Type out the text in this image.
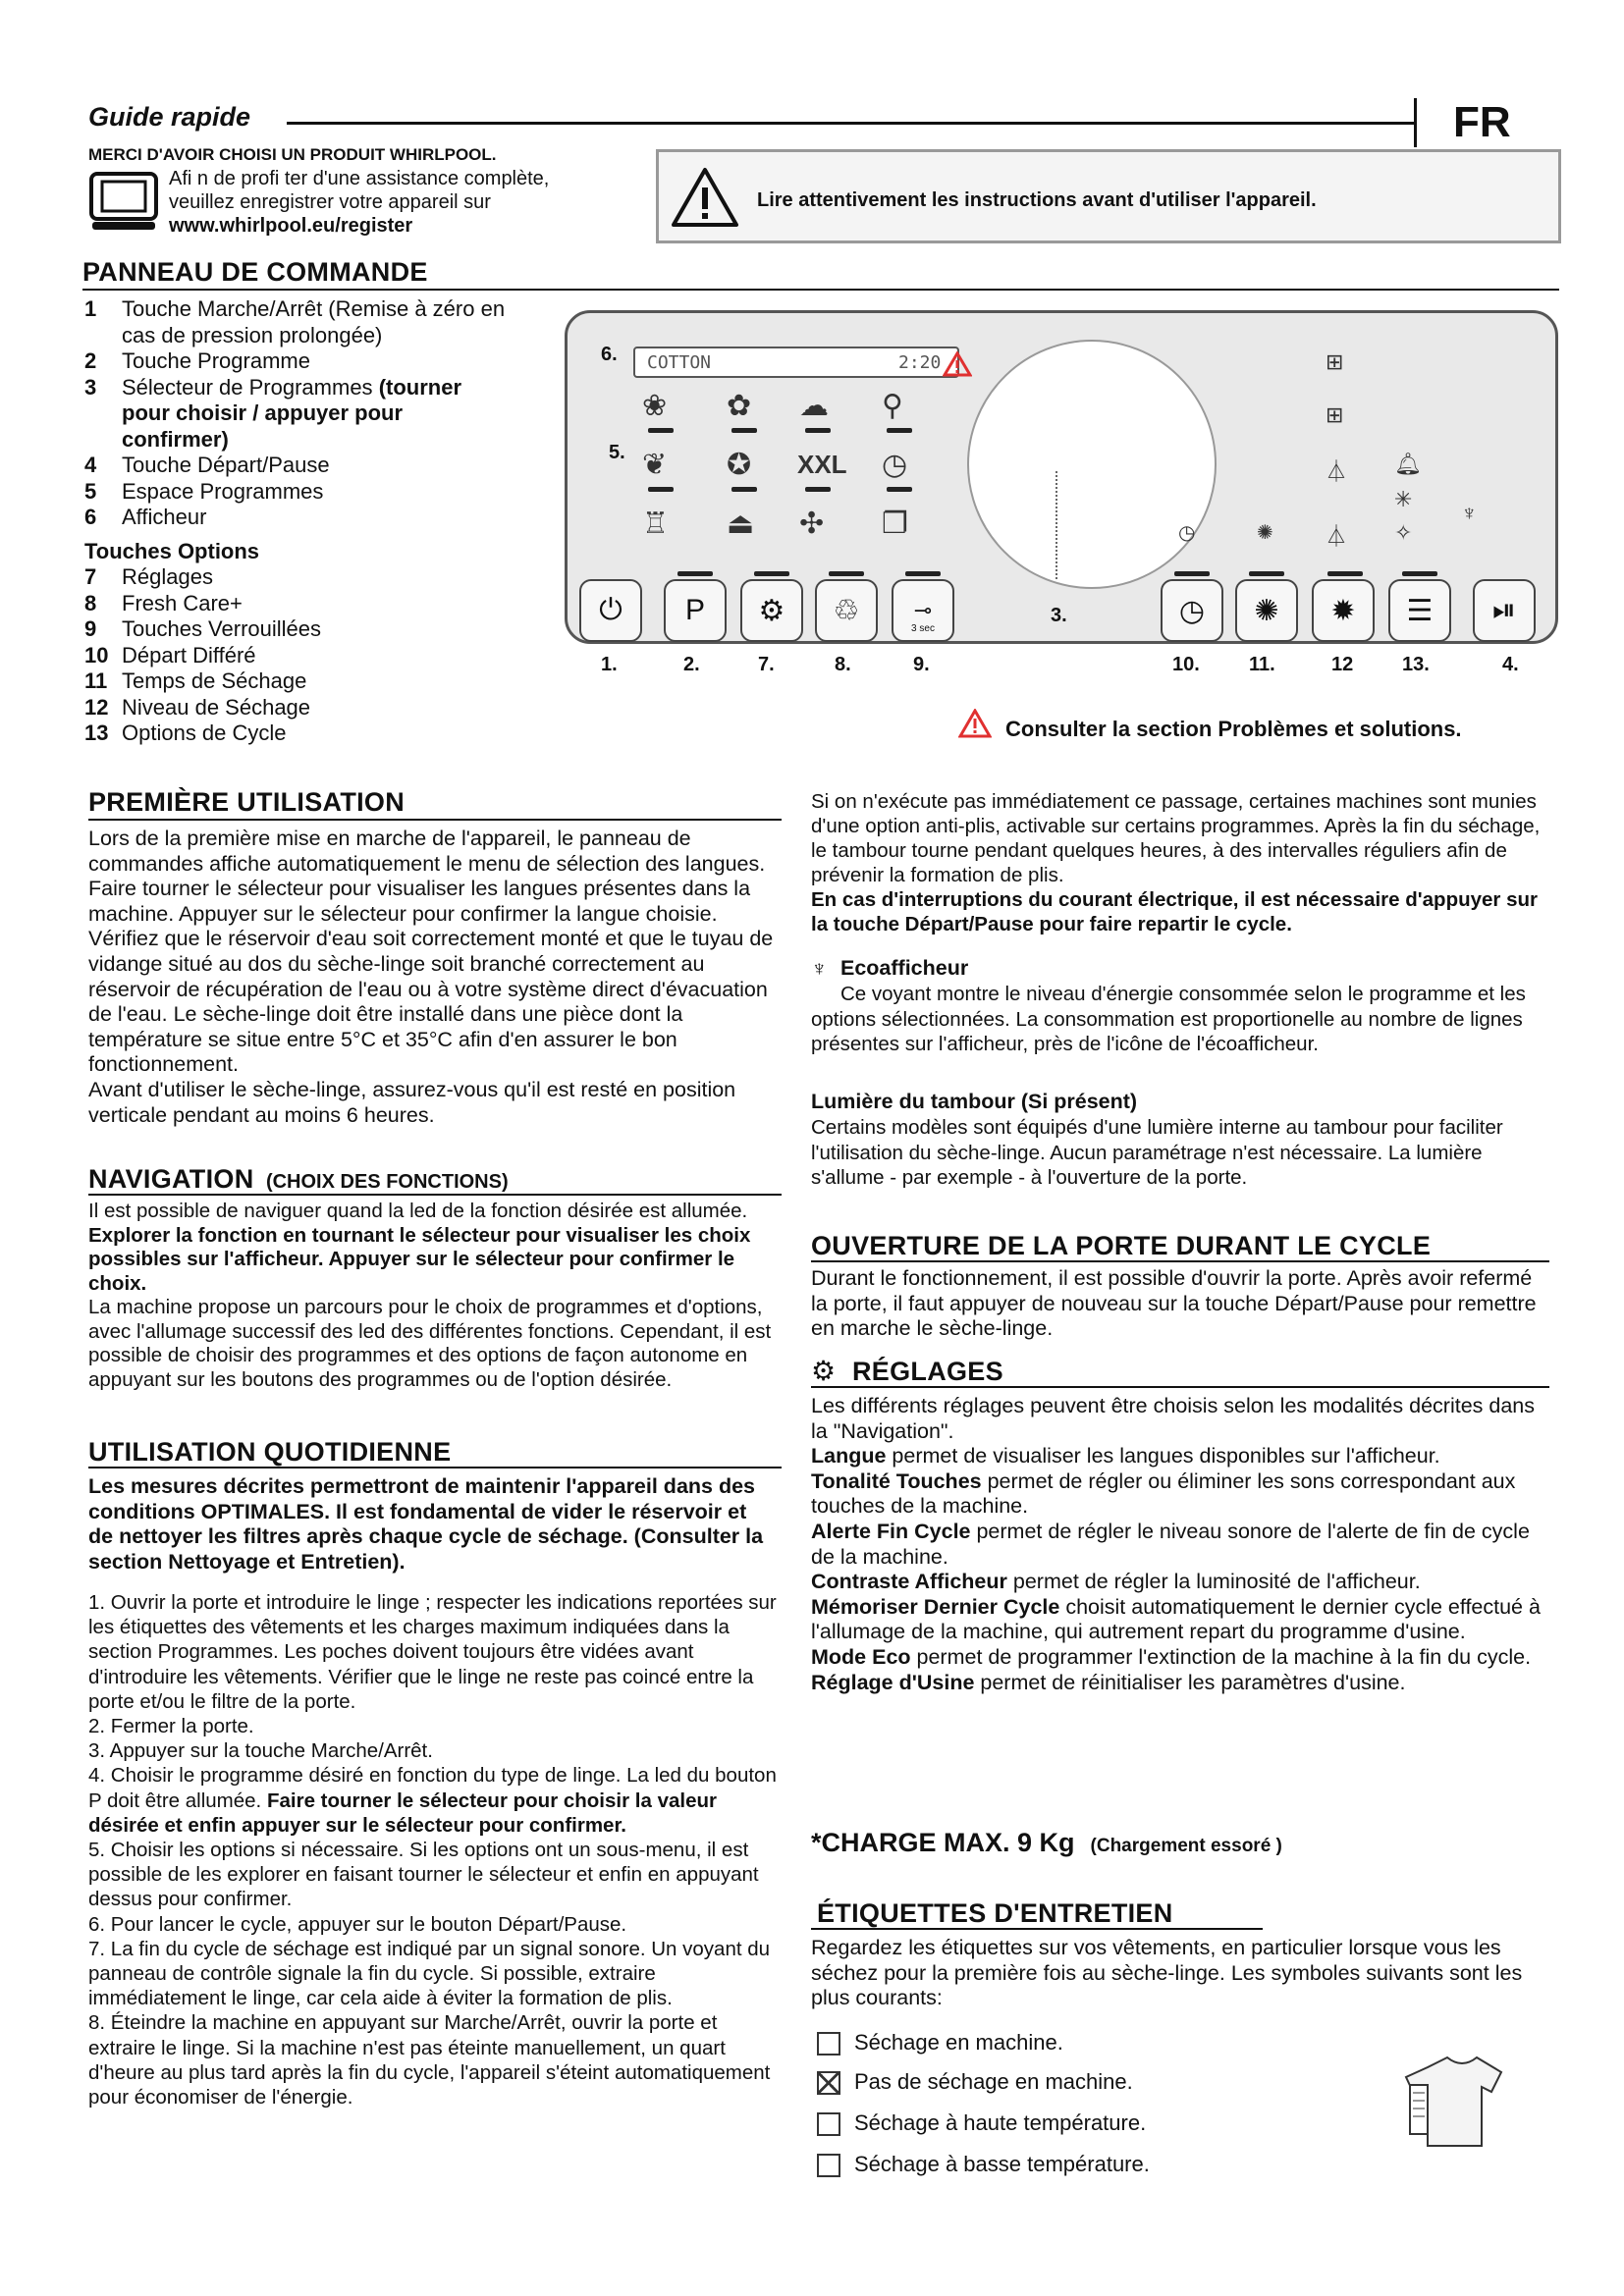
Guide rapide	FR
MERCI D'AVOIR CHOISI UN PRODUIT WHIRLPOOL.
Afi n de profi ter d'une assistance complète,
veuillez enregistrer votre appareil sur
www.whirlpool.eu/register
Lire attentivement les instructions avant d'utiliser l'appareil.
PANNEAU DE COMMANDE
1	Touche Marche/Arrêt (Remise à zéro en
cas de pression prolongée)
2	Touche Programme
3	Sélecteur de Programmes (tourner
pour choisir / appuyer pour
confirmer)
4	Touche Départ/Pause
5	Espace Programmes
6	Afficheur
Touches Options
7	Réglages
8	Fresh Care+
9	Touches Verrouillées
10 Départ Différé
11 Temps de Séchage
12 Niveau de Séchage
13 Options de Cycle
6.
5.
COTTON	2:20
❀ ✿ ☁ ⚲
❦ ✪ XXL ◷
♖ ⏏ ✣ ❐
⊞
⊞
⏃
⏃
🔔︎
✳
✧
♆
◷	✺
⏻ P ⚙ ♲	⊸
3 sec
◷ ✺ ✹ ☰ ⏯
3.
1.	2.	7.	8.	9.	10.	11.	12 13.	4.
Consulter la section Problèmes et solutions.
PREMIÈRE UTILISATION
Lors de la première mise en marche de l'appareil, le panneau de commandes affiche automatiquement le menu de sélection des langues. Faire tourner le sélecteur pour visualiser les langues présentes dans la machine. Appuyer sur le sélecteur pour confirmer la langue choisie.
Vérifiez que le réservoir d'eau soit correctement monté et que le tuyau de vidange situé au dos du sèche-linge soit branché correctement au réservoir de récupération de l'eau ou à votre système direct d'évacuation de l'eau. Le sèche-linge doit être installé dans une pièce dont la température se situe entre 5°C et 35°C afin d'en assurer le bon fonctionnement.
Avant d'utiliser le sèche-linge, assurez-vous qu'il est resté en position verticale pendant au moins 6 heures.
NAVIGATION (CHOIX DES FONCTIONS)
Il est possible de naviguer quand la led de la fonction désirée est allumée. Explorer la fonction en tournant le sélecteur pour visualiser les choix possibles sur l'afficheur. Appuyer sur le sélecteur pour confirmer le choix.
La machine propose un parcours pour le choix de programmes et d'options, avec l'allumage successif des led des différentes fonctions. Cependant, il est possible de choisir des programmes et des options de façon autonome en appuyant sur les boutons des programmes ou de l'option désirée.
UTILISATION QUOTIDIENNE
Les mesures décrites permettront de maintenir l'appareil dans des conditions OPTIMALES. Il est fondamental de vider le réservoir et de nettoyer les filtres après chaque cycle de séchage. (Consulter la section Nettoyage et Entretien).
1. Ouvrir la porte et introduire le linge ; respecter les indications reportées sur les étiquettes des vêtements et les charges maximum indiquées dans la section Programmes. Les poches doivent toujours être vidées avant d'introduire les vêtements. Vérifier que le linge ne reste pas coincé entre la porte et/ou le filtre de la porte.
2. Fermer la porte.
3. Appuyer sur la touche Marche/Arrêt.
4. Choisir le programme désiré en fonction du type de linge. La led du bouton P doit être allumée. Faire tourner le sélecteur pour choisir la valeur désirée et enfin appuyer sur le sélecteur pour confirmer.
5. Choisir les options si nécessaire. Si les options ont un sous-menu, il est possible de les explorer en faisant tourner le sélecteur et enfin en appuyant dessus pour confirmer.
6. Pour lancer le cycle, appuyer sur le bouton Départ/Pause.
7. La fin du cycle de séchage est indiqué par un signal sonore. Un voyant du panneau de contrôle signale la fin du cycle. Si possible, extraire immédiatement le linge, car cela aide à éviter la formation de plis.
8. Éteindre la machine en appuyant sur Marche/Arrêt, ouvrir la porte et extraire le linge. Si la machine n'est pas éteinte manuellement, un quart d'heure au plus tard après la fin du cycle, l'appareil s'éteint automatiquement pour économiser de l'énergie.
Si on n'exécute pas immédiatement ce passage, certaines machines sont munies d'une option anti-plis, activable sur certains programmes. Après la fin du séchage, le tambour tourne pendant quelques heures, à des intervalles réguliers afin de prévenir la formation de plis.
En cas d'interruptions du courant électrique, il est nécessaire d'appuyer sur la touche Départ/Pause pour faire repartir le cycle.
♆ Ecoafficheur
Ce voyant montre le niveau d'énergie consommée selon le programme et les options sélectionnées. La consommation est proportionelle au nombre de lignes présentes sur l'afficheur, près de l'icône de l'écoafficheur.
Lumière du tambour (Si présent)
Certains modèles sont équipés d'une lumière interne au tambour pour faciliter l'utilisation du sèche-linge. Aucun paramétrage n'est nécessaire. La lumière s'allume - par exemple - à l'ouverture de la porte.
OUVERTURE DE LA PORTE DURANT LE CYCLE
Durant le fonctionnement, il est possible d'ouvrir la porte. Après avoir refermé la porte, il faut appuyer de nouveau sur la touche Départ/Pause pour remettre en marche le sèche-linge.
⚙ RÉGLAGES
Les différents réglages peuvent être choisis selon les modalités décrites dans la "Navigation".
Langue permet de visualiser les langues disponibles sur l'afficheur.
Tonalité Touches permet de régler ou éliminer les sons correspondant aux touches de la machine.
Alerte Fin Cycle permet de régler le niveau sonore de l'alerte de fin de cycle de la machine.
Contraste Afficheur permet de régler la luminosité de l'afficheur.
Mémoriser Dernier Cycle choisit automatiquement le dernier cycle effectué à l'allumage de la machine, qui autrement repart du programme d'usine.
Mode Eco permet de programmer l'extinction de la machine à la fin du cycle.
Réglage d'Usine permet de réinitialiser les paramètres d'usine.
*CHARGE MAX. 9 Kg (Chargement essoré )
ÉTIQUETTES D'ENTRETIEN
Regardez les étiquettes sur vos vêtements, en particulier lorsque vous les séchez pour la première fois au sèche-linge. Les symboles suivants sont les plus courants:
Séchage en machine.
Pas de séchage en machine.
Séchage à haute température.
Séchage à basse température.
